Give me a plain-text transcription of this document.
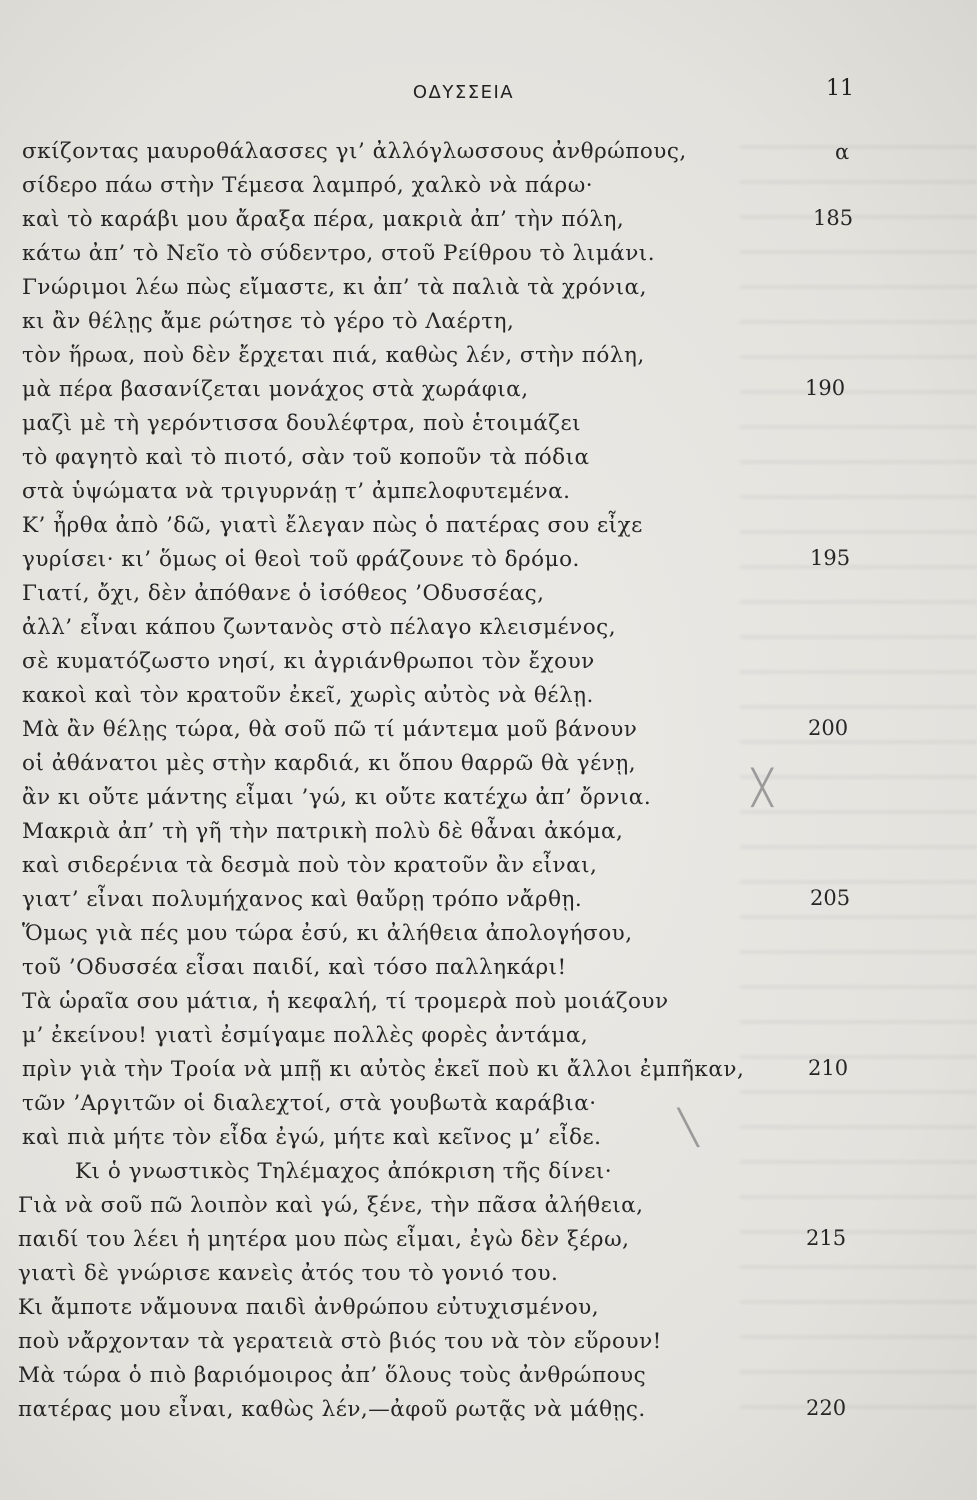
ΟΔΥΣΣΕΙΑ	11
α
σκίζοντας μαυροθάλασσες γι’ ἀλλόγλωσσους ἀνθρώπους,
σίδερο πάω στὴν Τέμεσα λαμπρό, χαλκὸ νὰ πάρω·
καὶ τὸ καράβι μου ἄραξα πέρα, μακριὰ ἀπ’ τὴν πόλη,
κάτω ἀπ’ τὸ Νεῖο τὸ σύδεντρο, στοῦ Ρείθρου τὸ λιμάνι.
Γνώριμοι λέω πὼς εἴμαστε, κι ἀπ’ τὰ παλιὰ τὰ χρόνια,
κι ἂν θέλῃς ἄμε ρώτησε τὸ γέρο τὸ Λαέρτη,
τὸν ἥρωα, ποὺ δὲν ἔρχεται πιά, καθὼς λέν, στὴν πόλη,
μὰ πέρα βασανίζεται μονάχος στὰ χωράφια,
μαζὶ μὲ τὴ γερόντισσα δουλέφτρα, ποὺ ἑτοιμάζει
τὸ φαγητὸ καὶ τὸ πιοτό, σὰν τοῦ κοποῦν τὰ πόδια
στὰ ὑψώματα νὰ τριγυρνάῃ τ’ ἀμπελοφυτεμένα.
Κ’ ἦρθα ἀπὸ ’δῶ, γιατὶ ἔλεγαν πὼς ὁ πατέρας σου εἶχε
γυρίσει· κι’ ὅμως οἱ θεοὶ τοῦ φράζουνε τὸ δρόμο.
Γιατί, ὄχι, δὲν ἀπόθανε ὁ ἰσόθεος ’Οδυσσέας,
ἀλλ’ εἶναι κάπου ζωντανὸς στὸ πέλαγο κλεισμένος,
σὲ κυματόζωστο νησί, κι ἀγριάνθρωποι τὸν ἔχουν
κακοὶ καὶ τὸν κρατοῦν ἐκεῖ, χωρὶς αὐτὸς νὰ θέλῃ.
Μὰ ἂν θέλῃς τώρα, θὰ σοῦ πῶ τί μάντεμα μοῦ βάνουν
οἱ ἀθάνατοι μὲς στὴν καρδιά, κι ὅπου θαρρῶ θὰ γένῃ,
ἂν κι οὔτε μάντης εἶμαι ’γώ, κι οὔτε κατέχω ἀπ’ ὄρνια.
Μακριὰ ἀπ’ τὴ γῆ τὴν πατρικὴ πολὺ δὲ θἆναι ἀκόμα,
καὶ σιδερένια τὰ δεσμὰ ποὺ τὸν κρατοῦν ἂν εἶναι,
γιατ’ εἶναι πολυμήχανος καὶ θαὔρῃ τρόπο νἄρθῃ.
Ὅμως γιὰ πές μου τώρα ἐσύ, κι ἀλήθεια ἀπολογήσου,
τοῦ ’Οδυσσέα εἶσαι παιδί, καὶ τόσο παλληκάρι!
Τὰ ὡραῖα σου μάτια, ἡ κεφαλή, τί τρομερὰ ποὺ μοιάζουν
μ’ ἐκείνου! γιατὶ ἐσμίγαμε πολλὲς φορὲς ἀντάμα,
πρὶν γιὰ τὴν Τροία νὰ μπῇ κι αὐτὸς ἐκεῖ ποὺ κι ἄλλοι ἐμπῆκαν,
τῶν ’Αργιτῶν οἱ διαλεχτοί, στὰ γουβωτὰ καράβια·
καὶ πιὰ μήτε τὸν εἶδα ἐγώ, μήτε καὶ κεῖνος μ’ εἶδε.
Κι ὁ γνωστικὸς Τηλέμαχος ἀπόκριση τῆς δίνει·
Γιὰ νὰ σοῦ πῶ λοιπὸν καὶ γώ, ξένε, τὴν πᾶσα ἀλήθεια,
παιδί του λέει ἡ μητέρα μου πὼς εἶμαι, ἐγὼ δὲν ξέρω,
γιατὶ δὲ γνώρισε κανεὶς ἀτός του τὸ γονιό του.
Κι ἄμποτε νἄμουνα παιδὶ ἀνθρώπου εὐτυχισμένου,
ποὺ νἄρχονταν τὰ γερατειὰ στὸ βιός του νὰ τὸν εὕρουν!
Μὰ τώρα ὁ πιὸ βαριόμοιρος ἀπ’ ὅλους τοὺς ἀνθρώπους
πατέρας μου εἶναι, καθὼς λέν,—ἀφοῦ ρωτᾷς νὰ μάθῃς.
185
190
195
200
205
210
215
220
╳
╲
